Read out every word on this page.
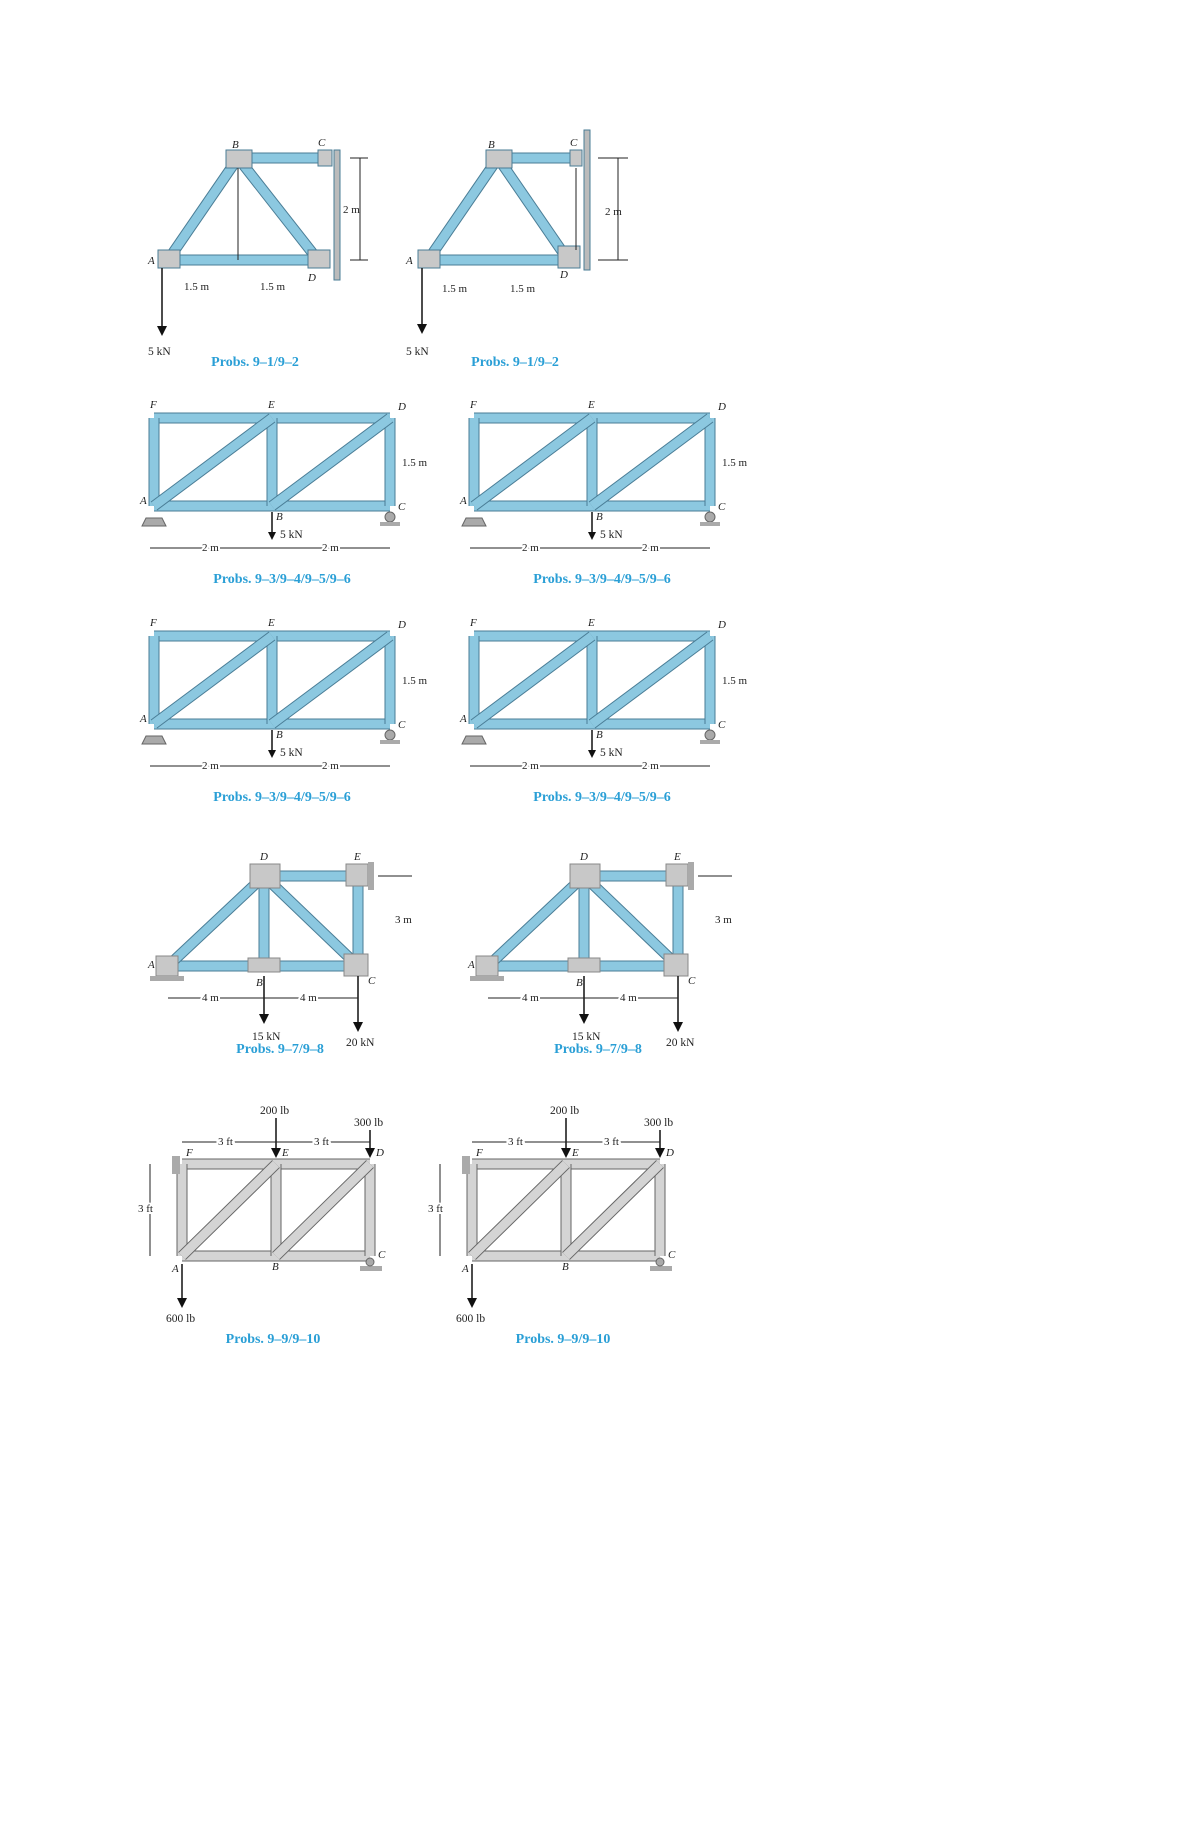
B	C
A
D
2 m
1.5 m	1.5 m
5 kN
Probs. 9–1/9–2
B	C
A
D
2 m
1.5 m	1.5 m
5 kN
Probs. 9–1/9–2
F	E	D
A
B
C
1.5 m
2 m	2 m
5 kN
Probs. 9–3/9–4/9–5/9–6
F	E	D
A
B
C
1.5 m
2 m	2 m
5 kN
Probs. 9–3/9–4/9–5/9–6
F	E	D
A
B
C
1.5 m
2 m	2 m
5 kN
Probs. 9–3/9–4/9–5/9–6
F	E	D
A
B
C
1.5 m
2 m	2 m
5 kN
Probs. 9–3/9–4/9–5/9–6
D	E
A
B	C
3 m
4 m	4 m
15 kN	20 kN
Probs. 9–7/9–8
D	E
A
B	C
3 m
4 m	4 m
15 kN	20 kN
Probs. 9–7/9–8
F	E	D
A	B
C
3 ft
3 ft	3 ft
200 lb
300 lb
600 lb
Probs. 9–9/9–10
F	E	D
A	B
C
3 ft
3 ft	3 ft
200 lb
300 lb
600 lb
Probs. 9–9/9–10
